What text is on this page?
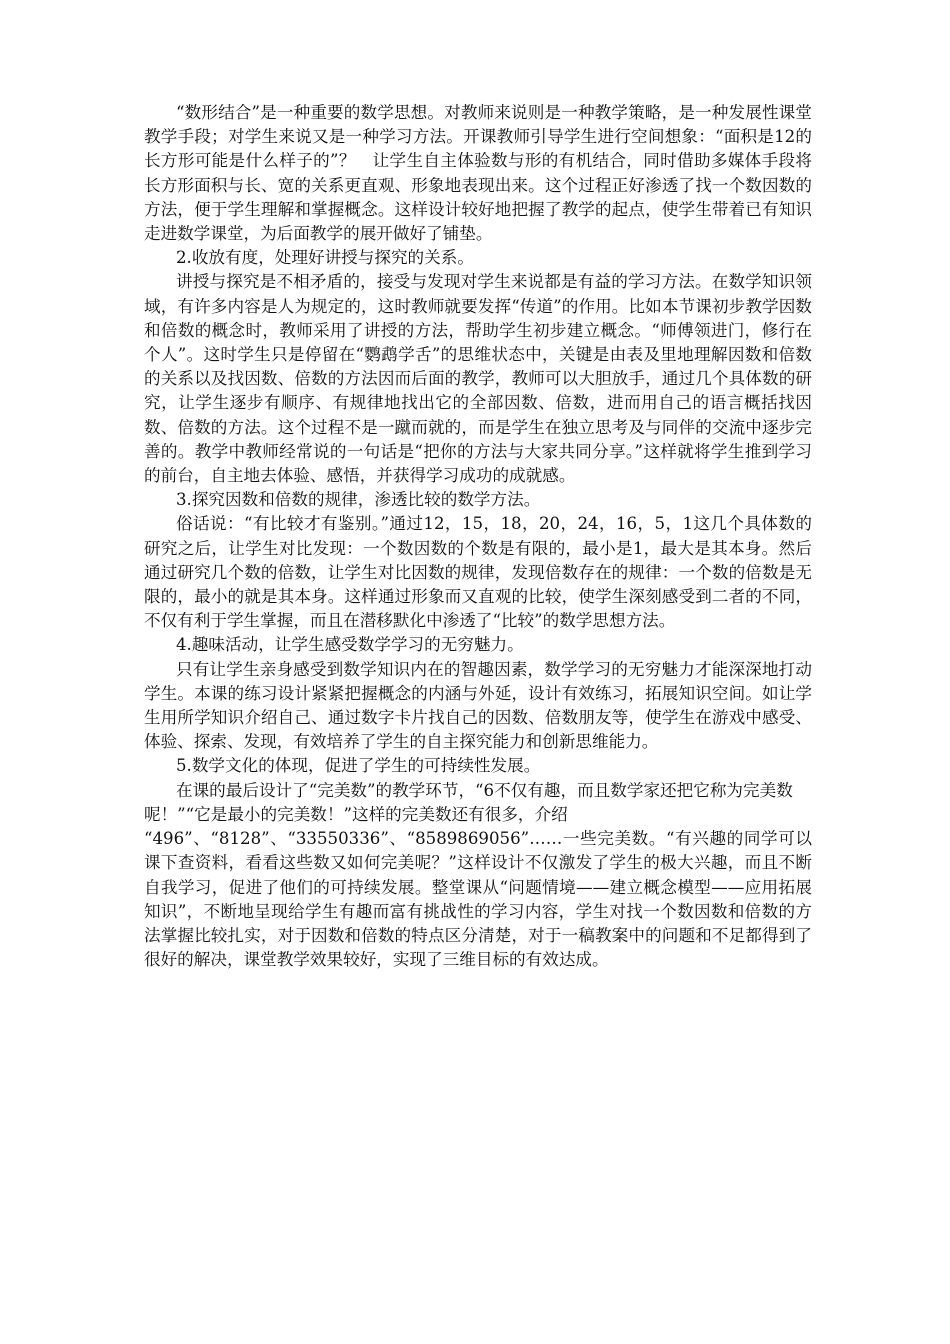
“数形结合”是一种重要的数学思想。对教师来说则是一种教学策略，是一种发展性课堂教学手段；对学生来说又是一种学习方法。开课教师引导学生进行空间想象：“面积是12的长方形可能是什么样子的”？　让学生自主体验数与形的有机结合，同时借助多媒体手段将长方形面积与长、宽的关系更直观、形象地表现出来。这个过程正好渗透了找一个数因数的方法，便于学生理解和掌握概念。这样设计较好地把握了教学的起点，使学生带着已有知识走进数学课堂，为后面教学的展开做好了铺垫。

2.收放有度，处理好讲授与探究的关系。

讲授与探究是不相矛盾的，接受与发现对学生来说都是有益的学习方法。在数学知识领域，有许多内容是人为规定的，这时教师就要发挥“传道”的作用。比如本节课初步教学因数和倍数的概念时，教师采用了讲授的方法，帮助学生初步建立概念。“师傅领进门，修行在个人”。这时学生只是停留在“鹦鹉学舌”的思维状态中，关键是由表及里地理解因数和倍数的关系以及找因数、倍数的方法因而后面的教学，教师可以大胆放手，通过几个具体数的研究，让学生逐步有顺序、有规律地找出它的全部因数、倍数，进而用自己的语言概括找因数、倍数的方法。这个过程不是一蹴而就的，而是学生在独立思考及与同伴的交流中逐步完善的。教学中教师经常说的一句话是“把你的方法与大家共同分享。”这样就将学生推到学习的前台，自主地去体验、感悟，并获得学习成功的成就感。

3.探究因数和倍数的规律，渗透比较的数学方法。

俗话说：“有比较才有鉴别。”通过12，15，18，20，24，16，5，1这几个具体数的研究之后，让学生对比发现：一个数因数的个数是有限的，最小是1，最大是其本身。然后通过研究几个数的倍数，让学生对比因数的规律，发现倍数存在的规律：一个数的倍数是无限的，最小的就是其本身。这样通过形象而又直观的比较，使学生深刻感受到二者的不同，不仅有利于学生掌握，而且在潜移默化中渗透了“比较”的数学思想方法。

4.趣味活动，让学生感受数学学习的无穷魅力。

只有让学生亲身感受到数学知识内在的智趣因素，数学学习的无穷魅力才能深深地打动学生。本课的练习设计紧紧把握概念的内涵与外延，设计有效练习，拓展知识空间。如让学生用所学知识介绍自己、通过数字卡片找自己的因数、倍数朋友等，使学生在游戏中感受、体验、探索、发现，有效培养了学生的自主探究能力和创新思维能力。

5.数学文化的体现，促进了学生的可持续性发展。

在课的最后设计了“完美数”的教学环节，“6不仅有趣，而且数学家还把它称为完美数呢！”“它是最小的完美数！”这样的完美数还有很多，介绍

“496”、“8128”、“33550336”、“8589869056”……一些完美数。“有兴趣的同学可以课下查资料，看看这些数又如何完美呢？”这样设计不仅激发了学生的极大兴趣，而且不断自我学习，促进了他们的可持续发展。整堂课从“问题情境——建立概念模型——应用拓展知识”，不断地呈现给学生有趣而富有挑战性的学习内容，学生对找一个数因数和倍数的方法掌握比较扎实，对于因数和倍数的特点区分清楚，对于一稿教案中的问题和不足都得到了很好的解决，课堂教学效果较好，实现了三维目标的有效达成。
